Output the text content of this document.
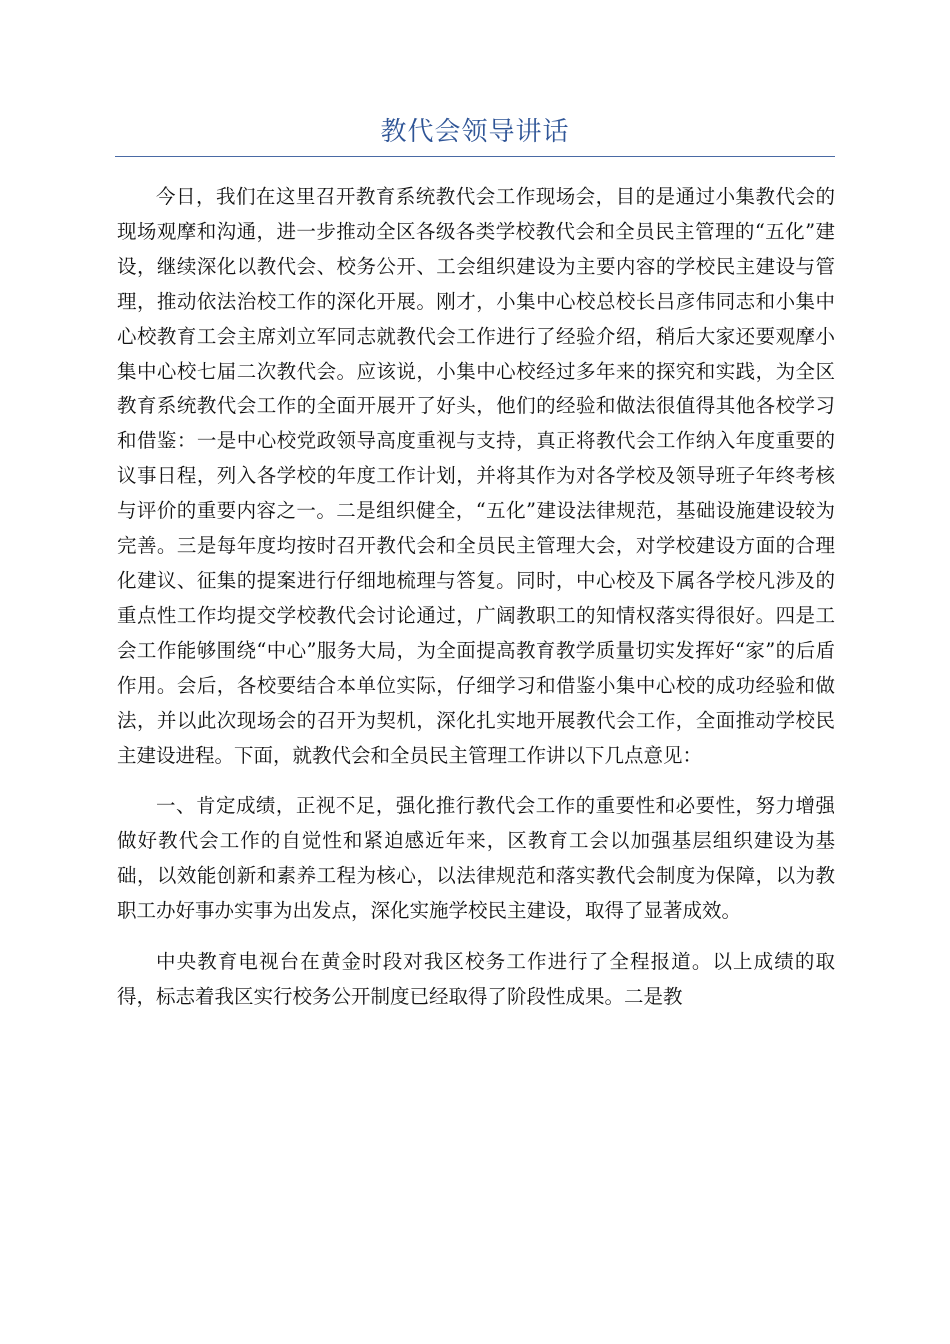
教代会领导讲话

今日，我们在这里召开教育系统教代会工作现场会，目的是通过小集教代会的现场观摩和沟通，进一步推动全区各级各类学校教代会和全员民主管理的“五化”建设，继续深化以教代会、校务公开、工会组织建设为主要内容的学校民主建设与管理，推动依法治校工作的深化开展。刚才，小集中心校总校长吕彦伟同志和小集中心校教育工会主席刘立军同志就教代会工作进行了经验介绍，稍后大家还要观摩小集中心校七届二次教代会。应该说，小集中心校经过多年来的探究和实践，为全区教育系统教代会工作的全面开展开了好头，他们的经验和做法很值得其他各校学习和借鉴：一是中心校党政领导高度重视与支持，真正将教代会工作纳入年度重要的议事日程，列入各学校的年度工作计划，并将其作为对各学校及领导班子年终考核与评价的重要内容之一。二是组织健全，“五化”建设法律规范，基础设施建设较为完善。三是每年度均按时召开教代会和全员民主管理大会，对学校建设方面的合理化建议、征集的提案进行仔细地梳理与答复。同时，中心校及下属各学校凡涉及的重点性工作均提交学校教代会讨论通过，广阔教职工的知情权落实得很好。四是工会工作能够围绕“中心”服务大局，为全面提高教育教学质量切实发挥好“家”的后盾作用。会后，各校要结合本单位实际，仔细学习和借鉴小集中心校的成功经验和做法，并以此次现场会的召开为契机，深化扎实地开展教代会工作，全面推动学校民主建设进程。下面，就教代会和全员民主管理工作讲以下几点意见：

一、肯定成绩，正视不足，强化推行教代会工作的重要性和必要性，努力增强做好教代会工作的自觉性和紧迫感近年来，区教育工会以加强基层组织建设为基础，以效能创新和素养工程为核心，以法律规范和落实教代会制度为保障，以为教职工办好事办实事为出发点，深化实施学校民主建设，取得了显著成效。

中央教育电视台在黄金时段对我区校务工作进行了全程报道。以上成绩的取得，标志着我区实行校务公开制度已经取得了阶段性成果。二是教
